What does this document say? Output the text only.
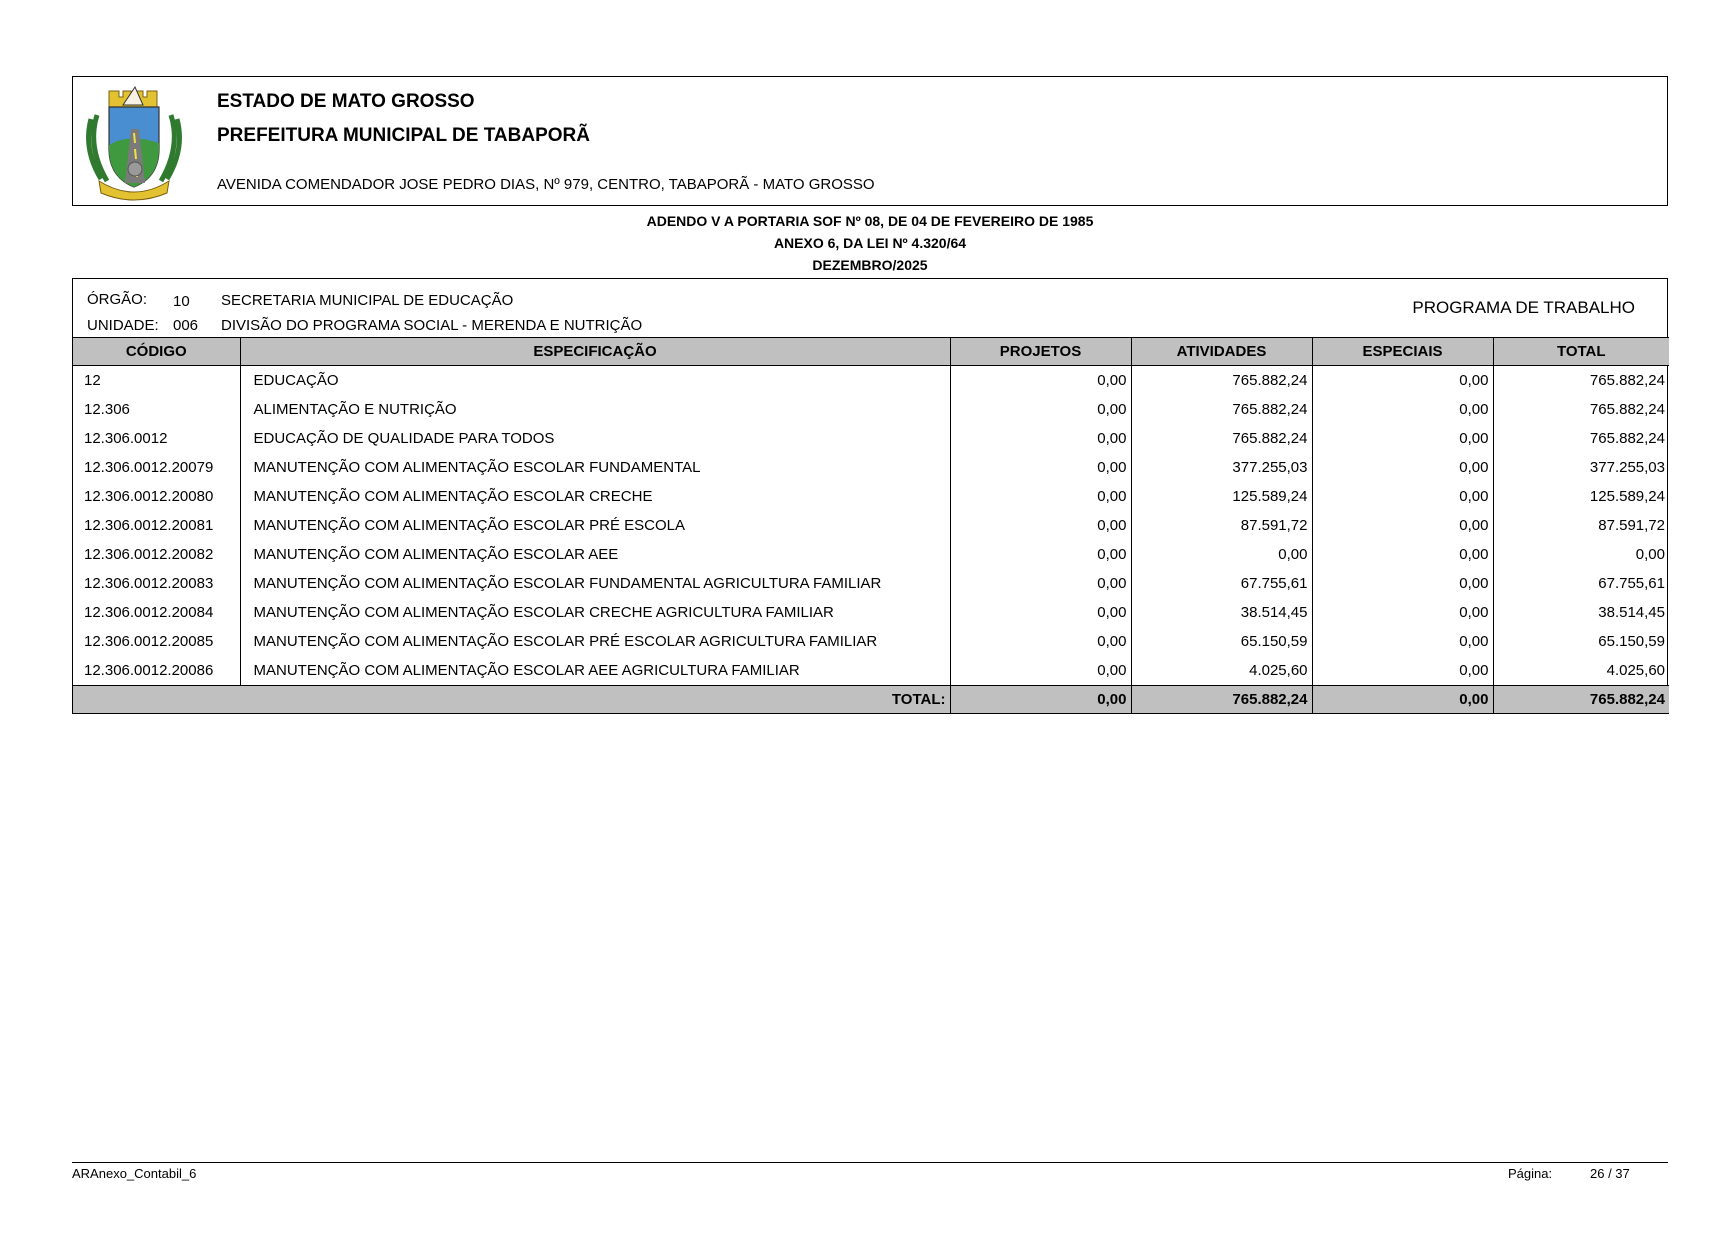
ESTADO DE MATO GROSSO
PREFEITURA MUNICIPAL DE TABAPORÃ
AVENIDA COMENDADOR JOSE PEDRO DIAS, Nº 979, CENTRO, TABAPORÃ - MATO GROSSO
ADENDO V A PORTARIA SOF Nº 08, DE 04 DE FEVEREIRO DE 1985
ANEXO 6, DA LEI Nº 4.320/64
DEZEMBRO/2025
ÓRGÃO: 10 SECRETARIA MUNICIPAL DE EDUCAÇÃO
UNIDADE: 006 DIVISÃO DO PROGRAMA SOCIAL - MERENDA E NUTRIÇÃO
PROGRAMA DE TRABALHO
CÓDIGO	ESPECIFICAÇÃO	PROJETOS	ATIVIDADES	ESPECIAIS	TOTAL
12	EDUCAÇÃO	0,00	765.882,24	0,00	765.882,24
12.306	ALIMENTAÇÃO E NUTRIÇÃO	0,00	765.882,24	0,00	765.882,24
12.306.0012	EDUCAÇÃO DE QUALIDADE PARA TODOS	0,00	765.882,24	0,00	765.882,24
12.306.0012.20079	MANUTENÇÃO COM ALIMENTAÇÃO ESCOLAR FUNDAMENTAL	0,00	377.255,03	0,00	377.255,03
12.306.0012.20080	MANUTENÇÃO COM ALIMENTAÇÃO ESCOLAR CRECHE	0,00	125.589,24	0,00	125.589,24
12.306.0012.20081	MANUTENÇÃO COM ALIMENTAÇÃO ESCOLAR PRÉ ESCOLA	0,00	87.591,72	0,00	87.591,72
12.306.0012.20082	MANUTENÇÃO COM ALIMENTAÇÃO ESCOLAR AEE	0,00	0,00	0,00	0,00
12.306.0012.20083	MANUTENÇÃO COM ALIMENTAÇÃO ESCOLAR FUNDAMENTAL AGRICULTURA FAMILIAR	0,00	67.755,61	0,00	67.755,61
12.306.0012.20084	MANUTENÇÃO COM ALIMENTAÇÃO ESCOLAR CRECHE AGRICULTURA FAMILIAR	0,00	38.514,45	0,00	38.514,45
12.306.0012.20085	MANUTENÇÃO COM ALIMENTAÇÃO ESCOLAR PRÉ ESCOLAR AGRICULTURA FAMILIAR	0,00	65.150,59	0,00	65.150,59
12.306.0012.20086	MANUTENÇÃO COM ALIMENTAÇÃO ESCOLAR AEE AGRICULTURA FAMILIAR	0,00	4.025,60	0,00	4.025,60
TOTAL:		0,00	765.882,24	0,00	765.882,24
ARAnexo_Contabil_6	Página:	26 / 37
